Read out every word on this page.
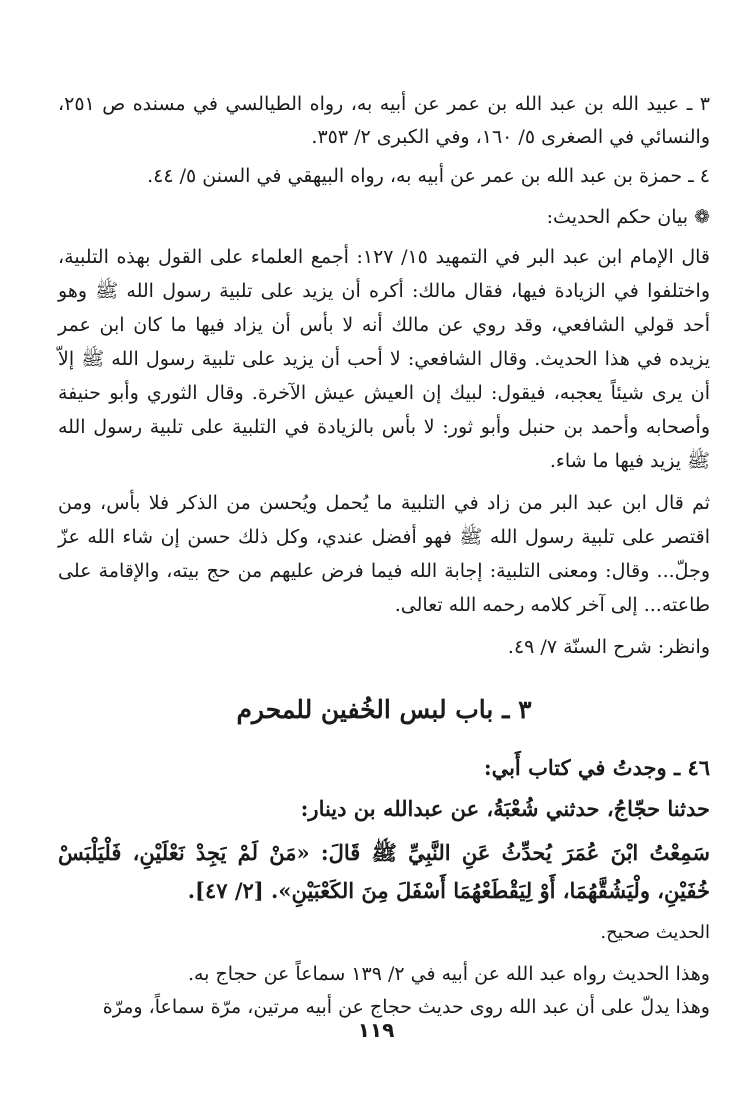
٣ ـ عبيد الله بن عبد الله بن عمر عن أبيه به، رواه الطيالسي في مسنده ص ٢٥١، والنسائي في الصغرى ٥/ ١٦٠، وفي الكبرى ٢/ ٣٥٣.

٤ ـ حمزة بن عبد الله بن عمر عن أبيه به، رواه البيهقي في السنن ٥/ ٤٤.

❁ بيان حكم الحديث:

قال الإمام ابن عبد البر في التمهيد ١٥/ ١٢٧: أجمع العلماء على القول بهذه التلبية، واختلفوا في الزيادة فيها، فقال مالك: أكره أن يزيد على تلبية رسول الله ﷺ وهو أحد قولي الشافعي، وقد روي عن مالك أنه لا بأس أن يزاد فيها ما كان ابن عمر يزيده في هذا الحديث. وقال الشافعي: لا أحب أن يزيد على تلبية رسول الله ﷺ إلاّ أن يرى شيئاً يعجبه، فيقول: لبيك إن العيش عيش الآخرة. وقال الثوري وأبو حنيفة وأصحابه وأحمد بن حنبل وأبو ثور: لا بأس بالزيادة في التلبية على تلبية رسول الله ﷺ يزيد فيها ما شاء.

ثم قال ابن عبد البر من زاد في التلبية ما يُحمل ويُحسن من الذكر فلا بأس، ومن اقتصر على تلبية رسول الله ﷺ فهو أفضل عندي، وكل ذلك حسن إن شاء الله عزّ وجلّ... وقال: ومعنى التلبية: إجابة الله فيما فرض عليهم من حج بيته، والإقامة على طاعته... إلى آخر كلامه رحمه الله تعالى.

وانظر: شرح السنّة ٧/ ٤٩.

٣ ـ باب لبس الخُفين للمحرم

٤٦ ـ وجدتُ في كتاب أَبي:

حدثنا حجّاجُ، حدثني شُعْبَةُ، عن عبدالله بن دينار:

سَمِعْتُ ابْنَ عُمَرَ يُحدِّثُ عَنِ النَّبِيِّ ﷺ قَالَ: «مَنْ لَمْ يَجِدْ نَعْلَيْنِ، فَلْيَلْبَسْ خُفَيْنِ، ولْيَشُقَّهُمَا، أَوْ لِيَقْطَعْهُمَا أَسْفَلَ مِنَ الكَعْبَيْنِ». [٢/ ٤٧].

الحديث صحيح.

وهذا الحديث رواه عبد الله عن أبيه في ٢/ ١٣٩ سماعاً عن حجاج به.

وهذا يدلّ على أن عبد الله روى حديث حجاج عن أبيه مرتين، مرّة سماعاً، ومرّة

١١٩
